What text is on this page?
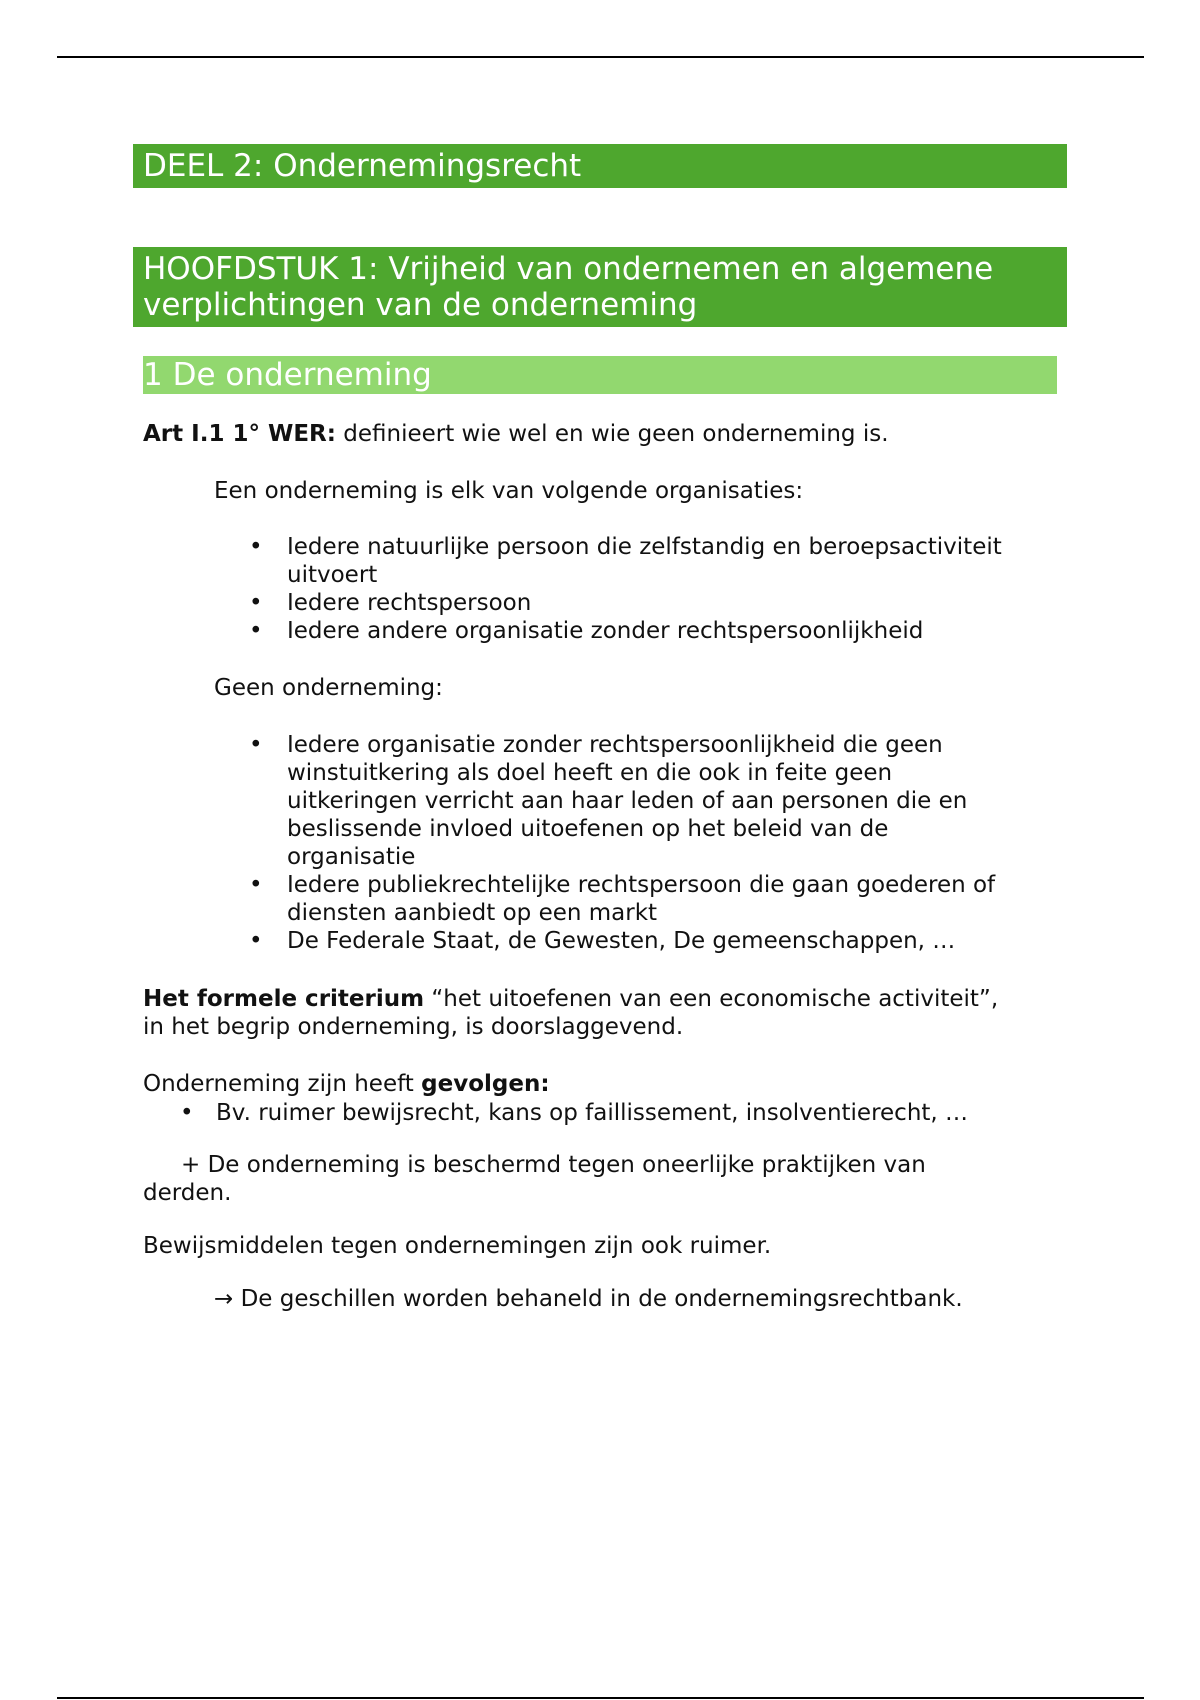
DEEL 2: Ondernemingsrecht
HOOFDSTUK 1: Vrijheid van ondernemen en algemene
verplichtingen van de onderneming
1 De onderneming

Art I.1 1° WER: definieert wie wel en wie geen onderneming is.

Een onderneming is elk van volgende organisaties:

• Iedere natuurlijke persoon die zelfstandig en beroepsactiviteit
uitvoert
• Iedere rechtspersoon
• Iedere andere organisatie zonder rechtspersoonlijkheid

Geen onderneming:

• Iedere organisatie zonder rechtspersoonlijkheid die geen
winstuitkering als doel heeft en die ook in feite geen
uitkeringen verricht aan haar leden of aan personen die en
beslissende invloed uitoefenen op het beleid van de
organisatie
• Iedere publiekrechtelijke rechtspersoon die gaan goederen of
diensten aanbiedt op een markt
• De Federale Staat, de Gewesten, De gemeenschappen, …
Het formele criterium “het uitoefenen van een economische activiteit”,
in het begrip onderneming, is doorslaggevend.

Onderneming zijn heeft gevolgen:

• Bv. ruimer bewijsrecht, kans op faillissement, insolventierecht, …
+ De onderneming is beschermd tegen oneerlijke praktijken van
derden.

Bewijsmiddelen tegen ondernemingen zijn ook ruimer.

→ De geschillen worden behaneld in de ondernemingsrechtbank.
